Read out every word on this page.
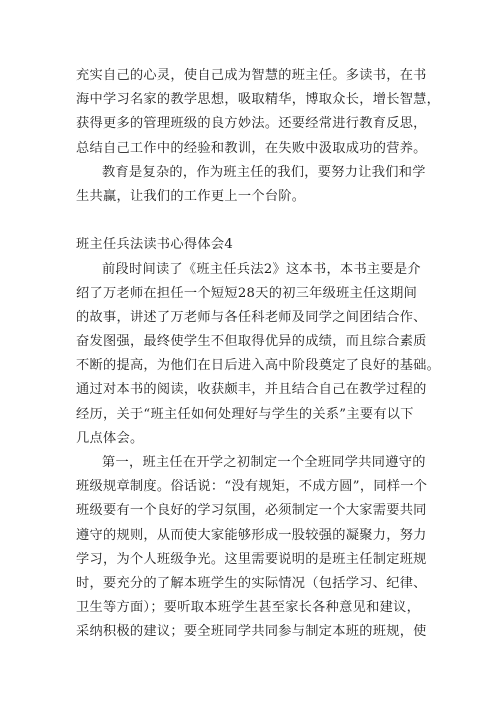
充实自己的心灵，使自己成为智慧的班主任。多读书，在书
海中学习名家的教学思想，吸取精华，博取众长，增长智慧，
获得更多的管理班级的良方妙法。还要经常进行教育反思，
总结自己工作中的经验和教训，在失败中汲取成功的营养。
教育是复杂的，作为班主任的我们，要努力让我们和学
生共赢，让我们的工作更上一个台阶。
班主任兵法读书心得体会4
前段时间读了《班主任兵法2》这本书，本书主要是介
绍了万老师在担任一个短短28天的初三年级班主任这期间
的故事，讲述了万老师与各任科老师及同学之间团结合作、
奋发图强，最终使学生不但取得优异的成绩，而且综合素质
不断的提高，为他们在日后进入高中阶段奠定了良好的基础。
通过对本书的阅读，收获颇丰，并且结合自己在教学过程的
经历，关于“班主任如何处理好与学生的关系”主要有以下
几点体会。
第一，班主任在开学之初制定一个全班同学共同遵守的
班级规章制度。俗话说：“没有规矩，不成方圆”，同样一个
班级要有一个良好的学习氛围，必须制定一个大家需要共同
遵守的规则，从而使大家能够形成一股较强的凝聚力，努力
学习，为个人班级争光。这里需要说明的是班主任制定班规
时，要充分的了解本班学生的实际情况（包括学习、纪律、
卫生等方面）；要听取本班学生甚至家长各种意见和建议，
采纳积极的建议；要全班同学共同参与制定本班的班规，使
